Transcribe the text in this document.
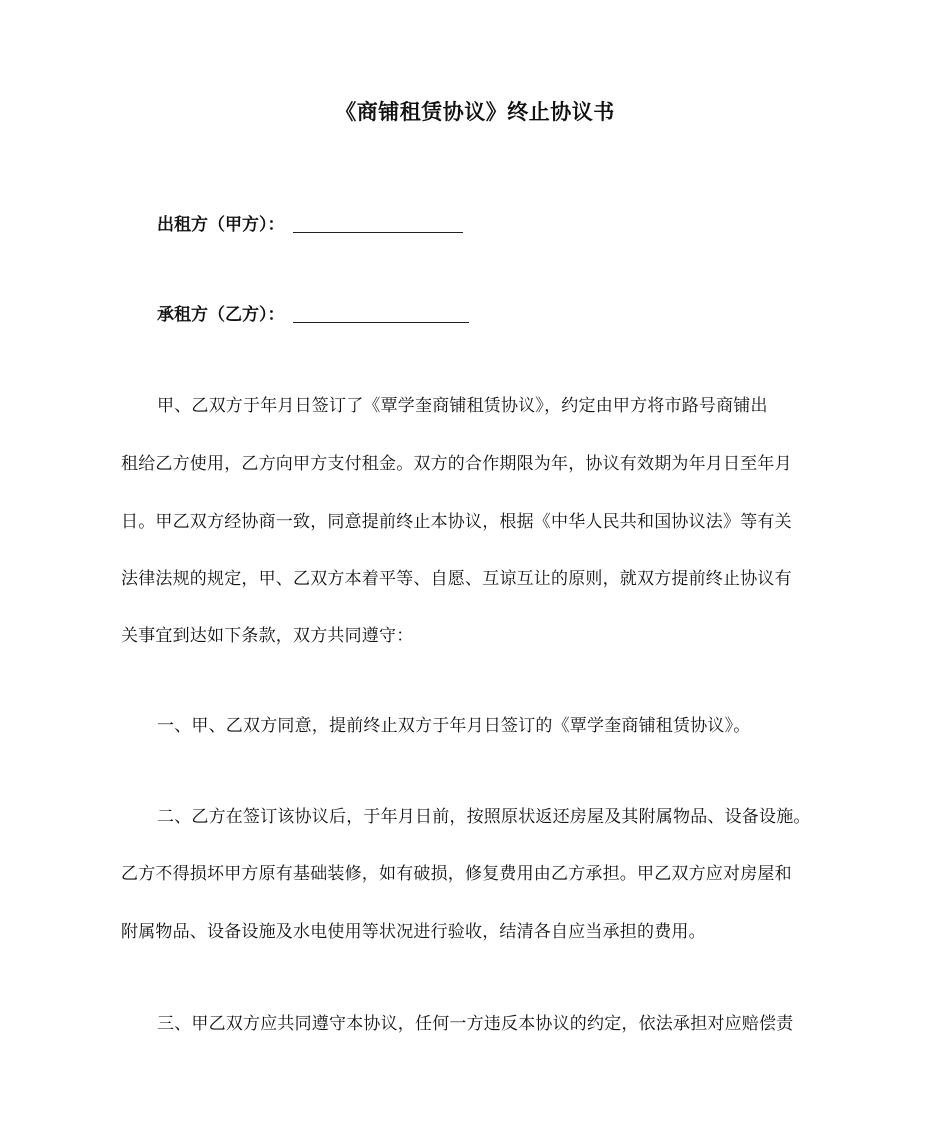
《商铺租赁协议》终止协议书
出租方（甲方）：
承租方（乙方）：
甲、乙双方于年月日签订了《覃学奎商铺租赁协议》，约定由甲方将市路号商铺出
租给乙方使用，乙方向甲方支付租金。双方的合作期限为年，协议有效期为年月日至年月
日。甲乙双方经协商一致，同意提前终止本协议，根据《中华人民共和国协议法》等有关
法律法规的规定，甲、乙双方本着平等、自愿、互谅互让的原则，就双方提前终止协议有
关事宜到达如下条款，双方共同遵守：
一、甲、乙双方同意，提前终止双方于年月日签订的《覃学奎商铺租赁协议》。
二、乙方在签订该协议后，于年月日前，按照原状返还房屋及其附属物品、设备设施。
乙方不得损坏甲方原有基础装修，如有破损，修复费用由乙方承担。甲乙双方应对房屋和
附属物品、设备设施及水电使用等状况进行验收，结清各自应当承担的费用。
三、甲乙双方应共同遵守本协议，任何一方违反本协议的约定，依法承担对应赔偿责
